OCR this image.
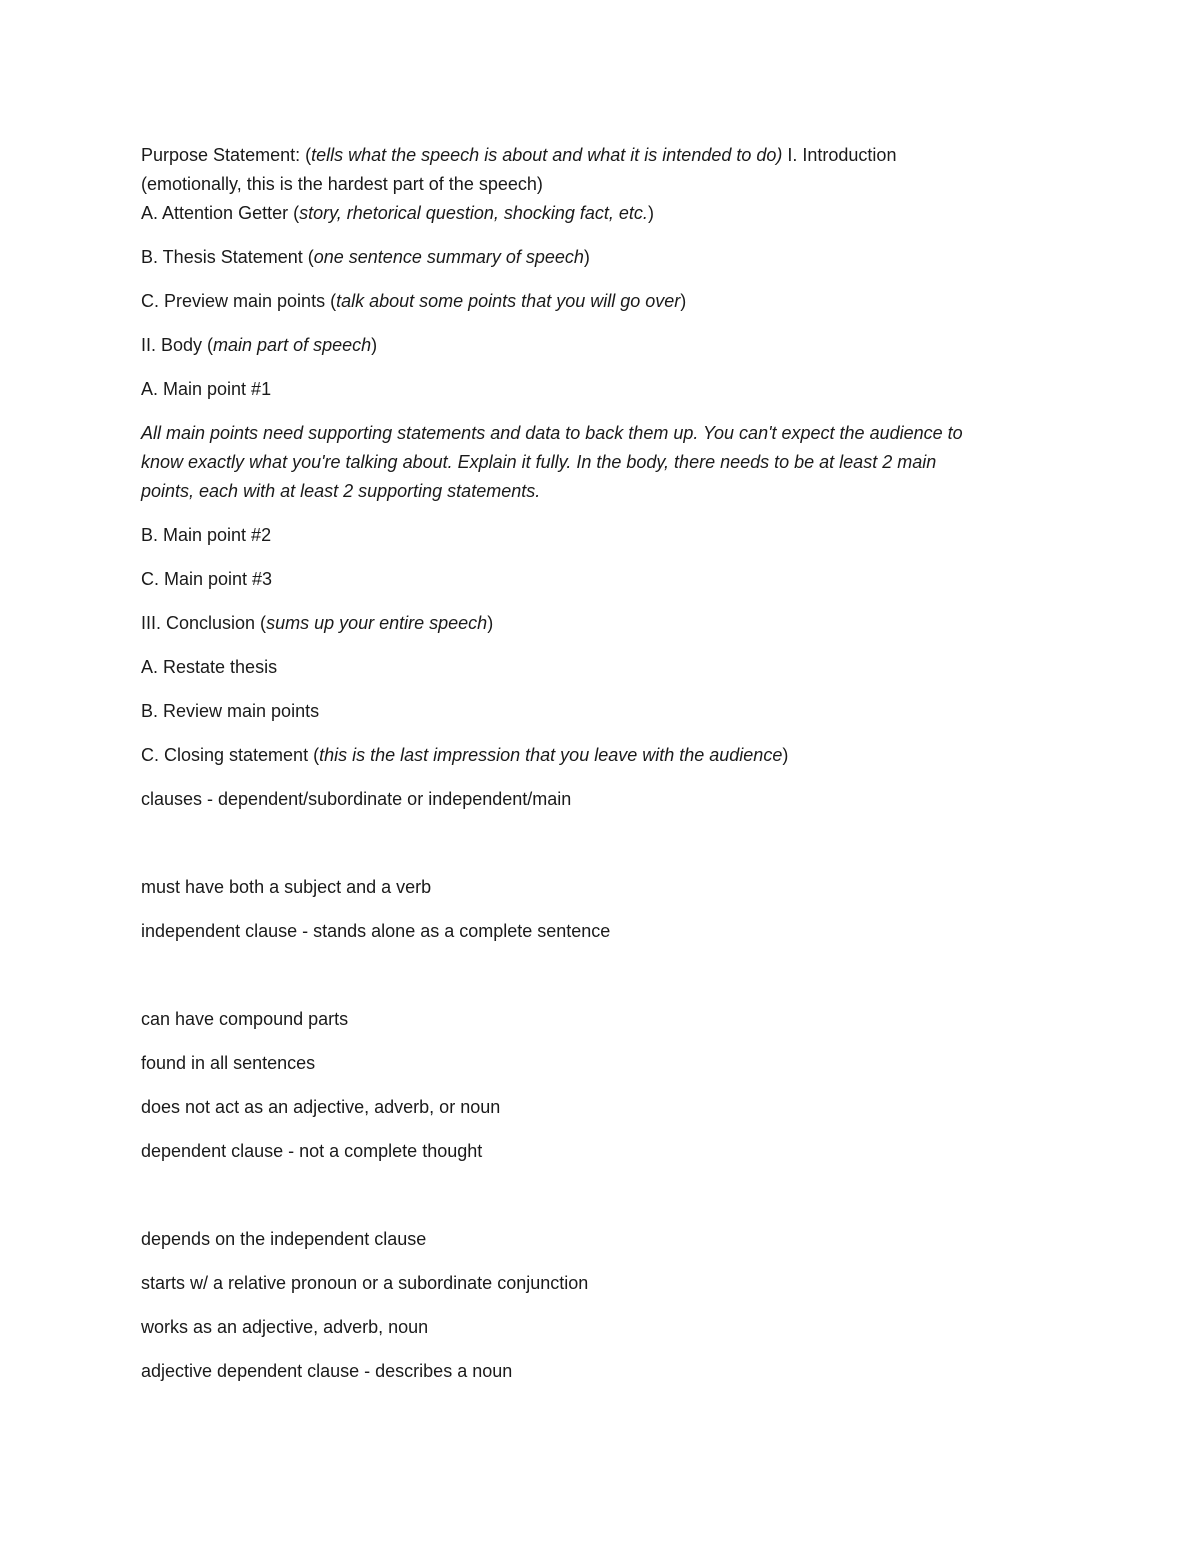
Purpose Statement: (tells what the speech is about and what it is intended to do) I. Introduction

(emotionally, this is the hardest part of the speech)

A. Attention Getter (story, rhetorical question, shocking fact, etc.)

B. Thesis Statement (one sentence summary of speech)

C. Preview main points (talk about some points that you will go over)

II. Body (main part of speech)

A. Main point #1

All main points need supporting statements and data to back them up. You can't expect the audience to

know exactly what you're talking about. Explain it fully. In the body, there needs to be at least 2 main

points, each with at least 2 supporting statements.

B. Main point #2

C. Main point #3

III. Conclusion (sums up your entire speech)

A. Restate thesis

B. Review main points

C. Closing statement (this is the last impression that you leave with the audience)

clauses - dependent/subordinate or independent/main

must have both a subject and a verb

independent clause - stands alone as a complete sentence

can have compound parts

found in all sentences

does not act as an adjective, adverb, or noun

dependent clause - not a complete thought

depends on the independent clause

starts w/ a relative pronoun or a subordinate conjunction

works as an adjective, adverb, noun

adjective dependent clause - describes a noun
